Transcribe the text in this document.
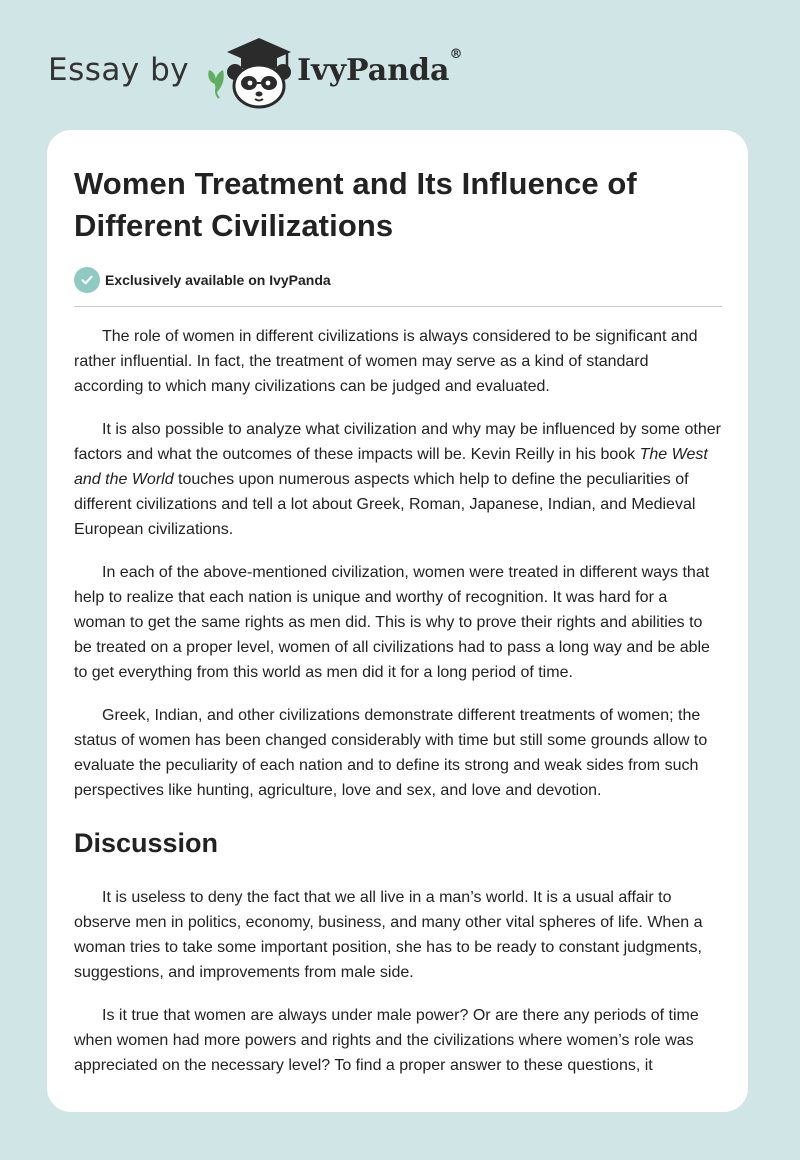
Essay by	IvyPanda®
Women Treatment and Its Influence of Different Civilizations
Exclusively available on IvyPanda

The role of women in different civilizations is always considered to be significant and rather influential. In fact, the treatment of women may serve as a kind of standard according to which many civilizations can be judged and evaluated.

It is also possible to analyze what civilization and why may be influenced by some other factors and what the outcomes of these impacts will be. Kevin Reilly in his book The West and the World touches upon numerous aspects which help to define the peculiarities of different civilizations and tell a lot about Greek, Roman, Japanese, Indian, and Medieval European civilizations.

In each of the above-mentioned civilization, women were treated in different ways that help to realize that each nation is unique and worthy of recognition. It was hard for a woman to get the same rights as men did. This is why to prove their rights and abilities to be treated on a proper level, women of all civilizations had to pass a long way and be able to get everything from this world as men did it for a long period of time.

Greek, Indian, and other civilizations demonstrate different treatments of women; the status of women has been changed considerably with time but still some grounds allow to evaluate the peculiarity of each nation and to define its strong and weak sides from such perspectives like hunting, agriculture, love and sex, and love and devotion.

Discussion

It is useless to deny the fact that we all live in a man’s world. It is a usual affair to observe men in politics, economy, business, and many other vital spheres of life. When a woman tries to take some important position, she has to be ready to constant judgments, suggestions, and improvements from male side.

Is it true that women are always under male power? Or are there any periods of time when women had more powers and rights and the civilizations where women’s role was appreciated on the necessary level? To find a proper answer to these questions, it
